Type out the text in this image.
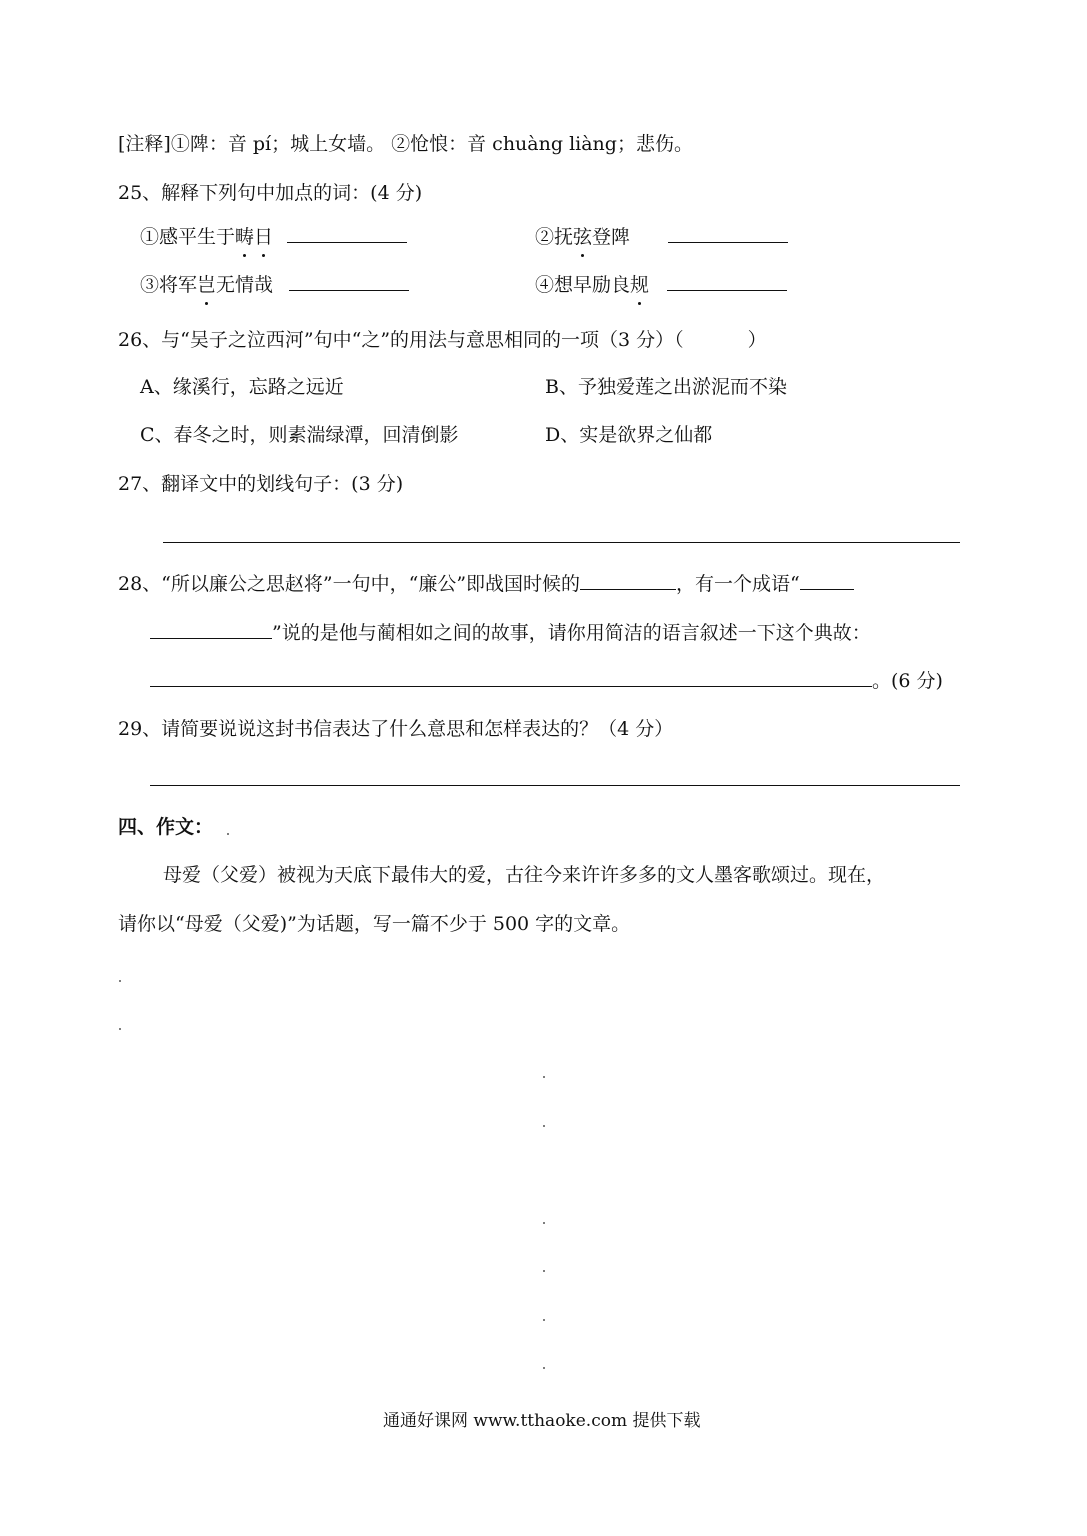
[注释]①陴：音 pí；城上女墙。 ②怆悢：音 chuàng liàng；悲伤。
25、解释下列句中加点的词：(4 分)
①感平生于畴日	②抚弦登陴
③将军岂无情哉	④想早励良规
26、与“吴子之泣西河”句中“之”的用法与意思相同的一项（3 分）（	）
A、缘溪行，忘路之远近	B、予独爱莲之出淤泥而不染
C、春冬之时，则素湍绿潭，回清倒影	D、实是欲界之仙都
27、翻译文中的划线句子：(3 分)
28、“所以廉公之思赵将”一句中，“廉公”即战国时候的	，有一个成语“
”说的是他与蔺相如之间的故事，请你用简洁的语言叙述一下这个典故：
。(6 分)
29、请简要说说这封书信表达了什么意思和怎样表达的？（4 分）
四、作文：
母爱（父爱）被视为天底下最伟大的爱，古往今来许许多多的文人墨客歌颂过。现在，
请你以“母爱（父爱)”为话题，写一篇不少于 500 字的文章。
通通好课网 www.tthaoke.com 提供下载
